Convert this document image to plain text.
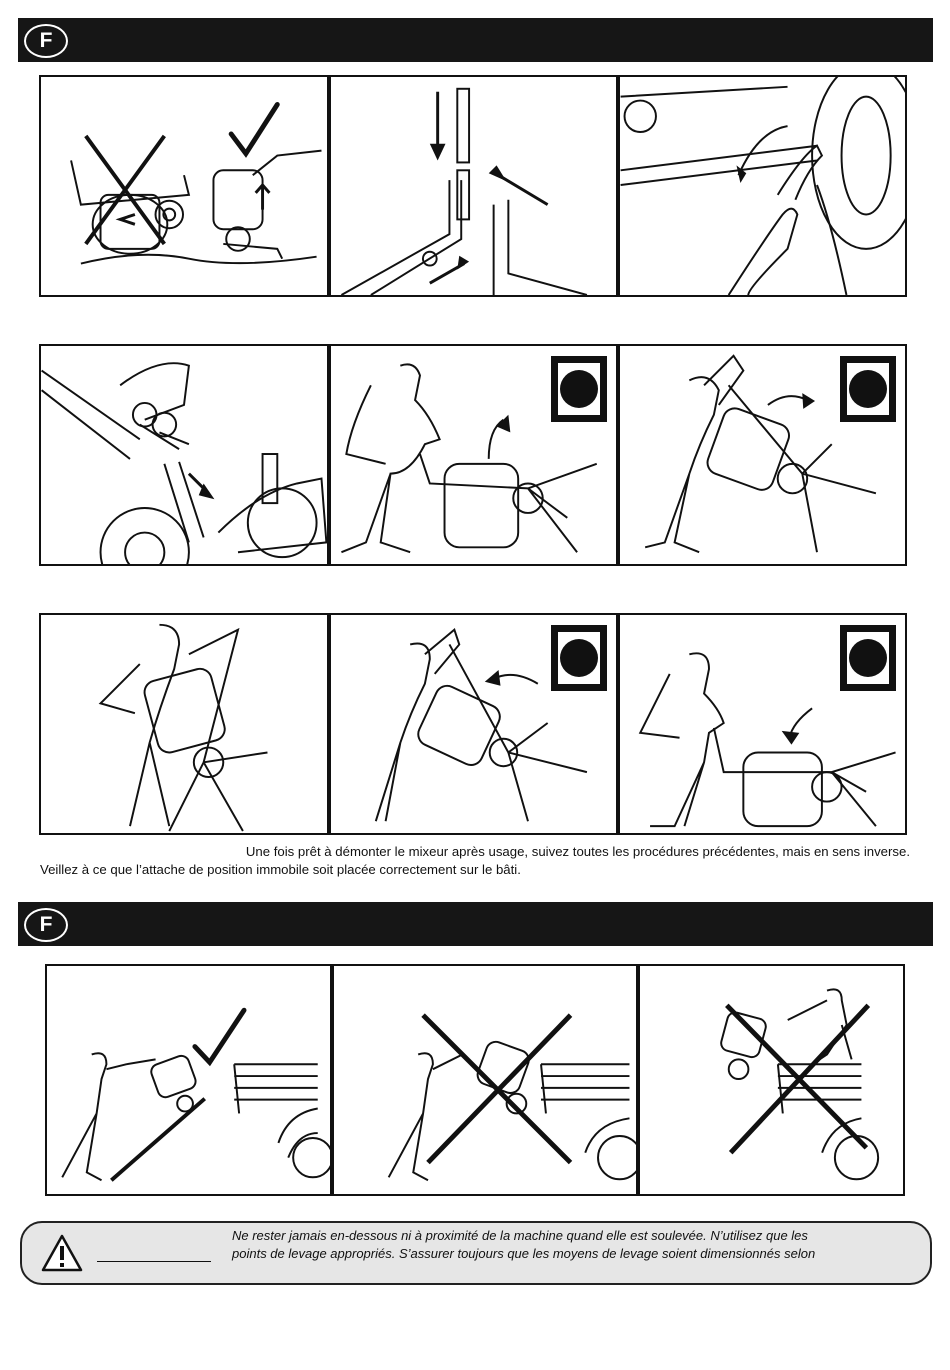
F
Une fois prêt à démonter le mixeur après usage, suivez toutes les procédures précédentes, mais en sens inverse.
Veillez à ce que l’attache de position immobile soit placée correctement sur le bâti.
F
Ne rester jamais en-dessous ni à proximité de la machine quand elle est soulevée. N’utilisez que les
points de levage appropriés. S’assurer toujours que les moyens de levage soient dimensionnés selon
